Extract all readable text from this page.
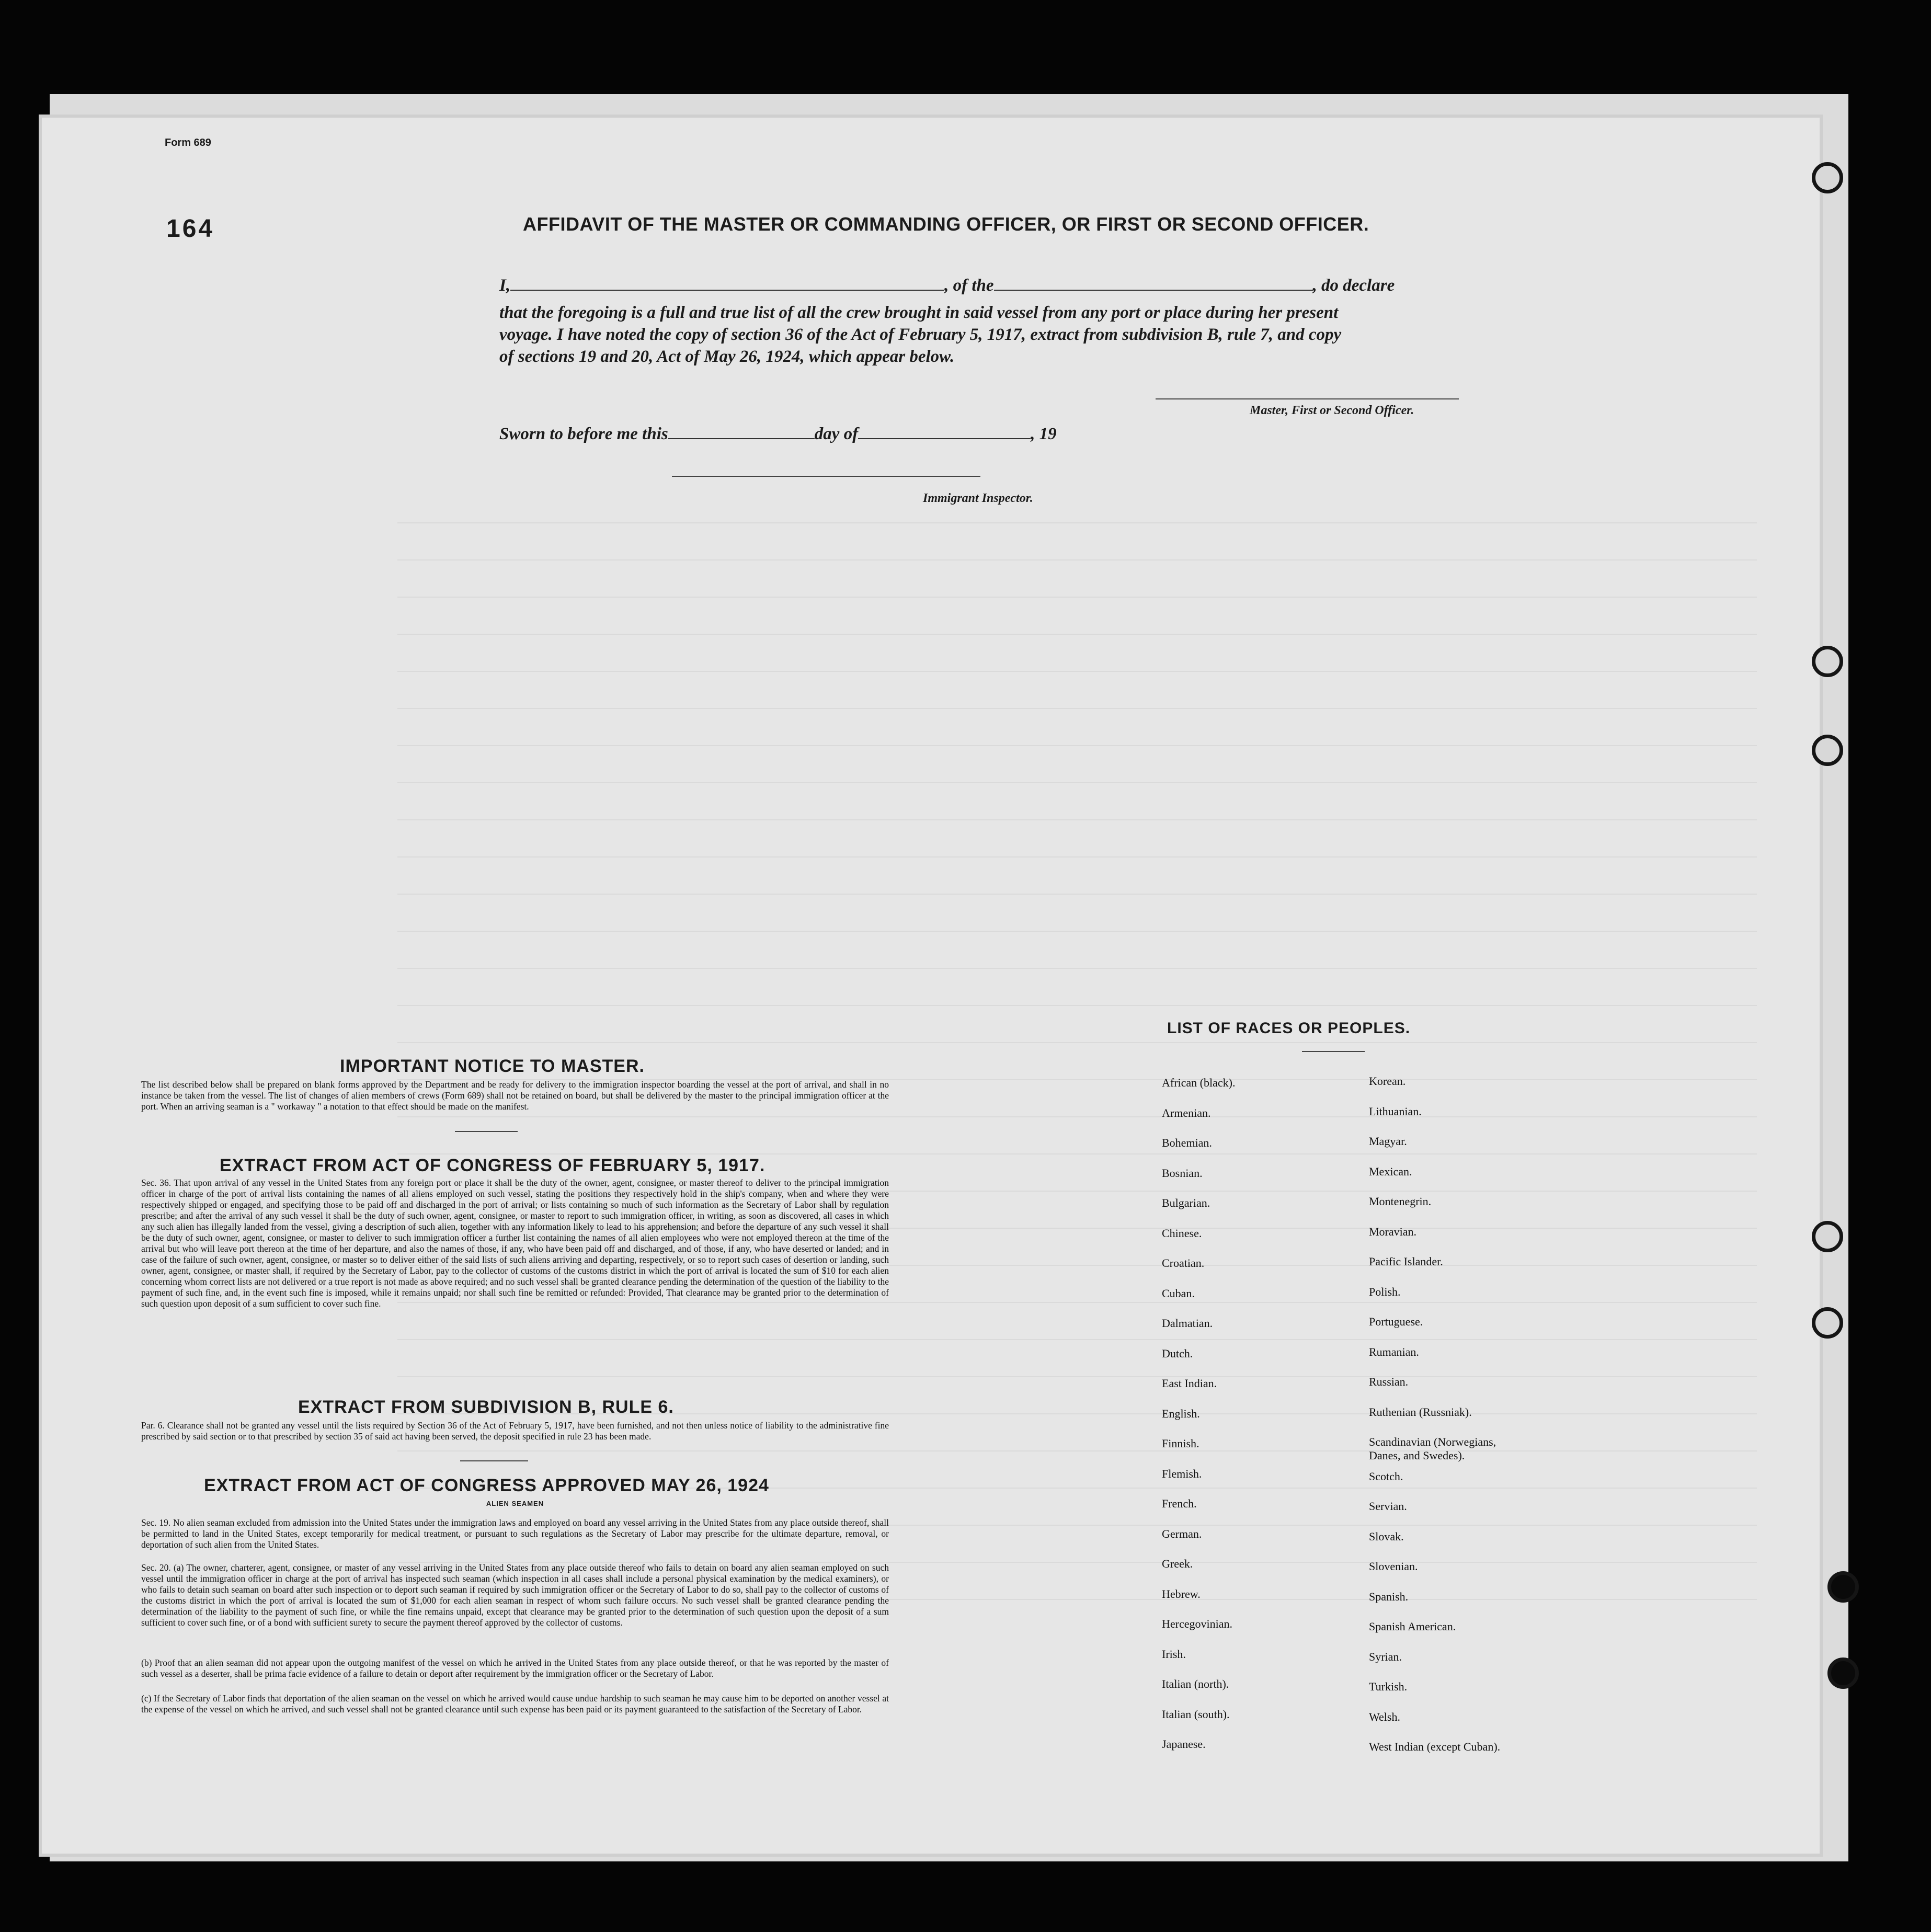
Form 689
164	AFFIDAVIT OF THE MASTER OR COMMANDING OFFICER, OR FIRST OR SECOND OFFICER.
I,	, of the	, do declare
that the foregoing is a full and true list of all the crew brought in said vessel from any port or place during her present
voyage. I have noted the copy of section 36 of the Act of February 5, 1917, extract from subdivision B, rule 7, and copy
of sections 19 and 20, Act of May 26, 1924, which appear below.
Master, First or Second Officer.
Sworn to before me this	day of	, 19
Immigrant Inspector.
IMPORTANT NOTICE TO MASTER.
The list described below shall be prepared on blank forms approved by the Department and be ready for delivery to the immigration inspector boarding the vessel at the port of arrival, and shall in no instance be taken from the vessel. The list of changes of alien members of crews (Form 689) shall not be retained on board, but shall be delivered by the master to the principal immigration officer at the port. When an arriving seaman is a " workaway " a notation to that effect should be made on the manifest.
EXTRACT FROM ACT OF CONGRESS OF FEBRUARY 5, 1917.
Sec. 36. That upon arrival of any vessel in the United States from any foreign port or place it shall be the duty of the owner, agent, consignee, or master thereof to deliver to the principal immigration officer in charge of the port of arrival lists containing the names of all aliens employed on such vessel, stating the positions they respectively hold in the ship's company, when and where they were respectively shipped or engaged, and specifying those to be paid off and discharged in the port of arrival; or lists containing so much of such information as the Secretary of Labor shall by regulation prescribe; and after the arrival of any such vessel it shall be the duty of such owner, agent, consignee, or master to report to such immigration officer, in writing, as soon as discovered, all cases in which any such alien has illegally landed from the vessel, giving a description of such alien, together with any information likely to lead to his apprehension; and before the departure of any such vessel it shall be the duty of such owner, agent, consignee, or master to deliver to such immigration officer a further list containing the names of all alien employees who were not employed thereon at the time of the arrival but who will leave port thereon at the time of her departure, and also the names of those, if any, who have been paid off and discharged, and of those, if any, who have deserted or landed; and in case of the failure of such owner, agent, consignee, or master so to deliver either of the said lists of such aliens arriving and departing, respectively, or so to report such cases of desertion or landing, such owner, agent, consignee, or master shall, if required by the Secretary of Labor, pay to the collector of customs of the customs district in which the port of arrival is located the sum of $10 for each alien concerning whom correct lists are not delivered or a true report is not made as above required; and no such vessel shall be granted clearance pending the determination of the question of the liability to the payment of such fine, and, in the event such fine is imposed, while it remains unpaid; nor shall such fine be remitted or refunded: Provided, That clearance may be granted prior to the determination of such question upon deposit of a sum sufficient to cover such fine.
EXTRACT FROM SUBDIVISION B, RULE 6.
Par. 6. Clearance shall not be granted any vessel until the lists required by Section 36 of the Act of February 5, 1917, have been furnished, and not then unless notice of liability to the administrative fine prescribed by said section or to that prescribed by section 35 of said act having been served, the deposit specified in rule 23 has been made.
EXTRACT FROM ACT OF CONGRESS APPROVED MAY 26, 1924
ALIEN SEAMEN
Sec. 19. No alien seaman excluded from admission into the United States under the immigration laws and employed on board any vessel arriving in the United States from any place outside thereof, shall be permitted to land in the United States, except temporarily for medical treatment, or pursuant to such regulations as the Secretary of Labor may prescribe for the ultimate departure, removal, or deportation of such alien from the United States.
Sec. 20. (a) The owner, charterer, agent, consignee, or master of any vessel arriving in the United States from any place outside thereof who fails to detain on board any alien seaman employed on such vessel until the immigration officer in charge at the port of arrival has inspected such seaman (which inspection in all cases shall include a personal physical examination by the medical examiners), or who fails to detain such seaman on board after such inspection or to deport such seaman if required by such immigration officer or the Secretary of Labor to do so, shall pay to the collector of customs of the customs district in which the port of arrival is located the sum of $1,000 for each alien seaman in respect of whom such failure occurs. No such vessel shall be granted clearance pending the determination of the liability to the payment of such fine, or while the fine remains unpaid, except that clearance may be granted prior to the determination of such question upon the deposit of a sum sufficient to cover such fine, or of a bond with sufficient surety to secure the payment thereof approved by the collector of customs.
(b) Proof that an alien seaman did not appear upon the outgoing manifest of the vessel on which he arrived in the United States from any place outside thereof, or that he was reported by the master of such vessel as a deserter, shall be prima facie evidence of a failure to detain or deport after requirement by the immigration officer or the Secretary of Labor.
(c) If the Secretary of Labor finds that deportation of the alien seaman on the vessel on which he arrived would cause undue hardship to such seaman he may cause him to be deported on another vessel at the expense of the vessel on which he arrived, and such vessel shall not be granted clearance until such expense has been paid or its payment guaranteed to the satisfaction of the Secretary of Labor.
LIST OF RACES OR PEOPLES.
African (black).
Armenian.
Bohemian.
Bosnian.
Bulgarian.
Chinese.
Croatian.
Cuban.
Dalmatian.
Dutch.
East Indian.
English.
Finnish.
Flemish.
French.
German.
Greek.
Hebrew.
Hercegovinian.
Irish.
Italian (north).
Italian (south).
Japanese.
Korean.
Lithuanian.
Magyar.
Mexican.
Montenegrin.
Moravian.
Pacific Islander.
Polish.
Portuguese.
Rumanian.
Russian.
Ruthenian (Russniak).
Scandinavian (Norwegians,
Danes, and Swedes).
Scotch.
Servian.
Slovak.
Slovenian.
Spanish.
Spanish American.
Syrian.
Turkish.
Welsh.
West Indian (except Cuban).
